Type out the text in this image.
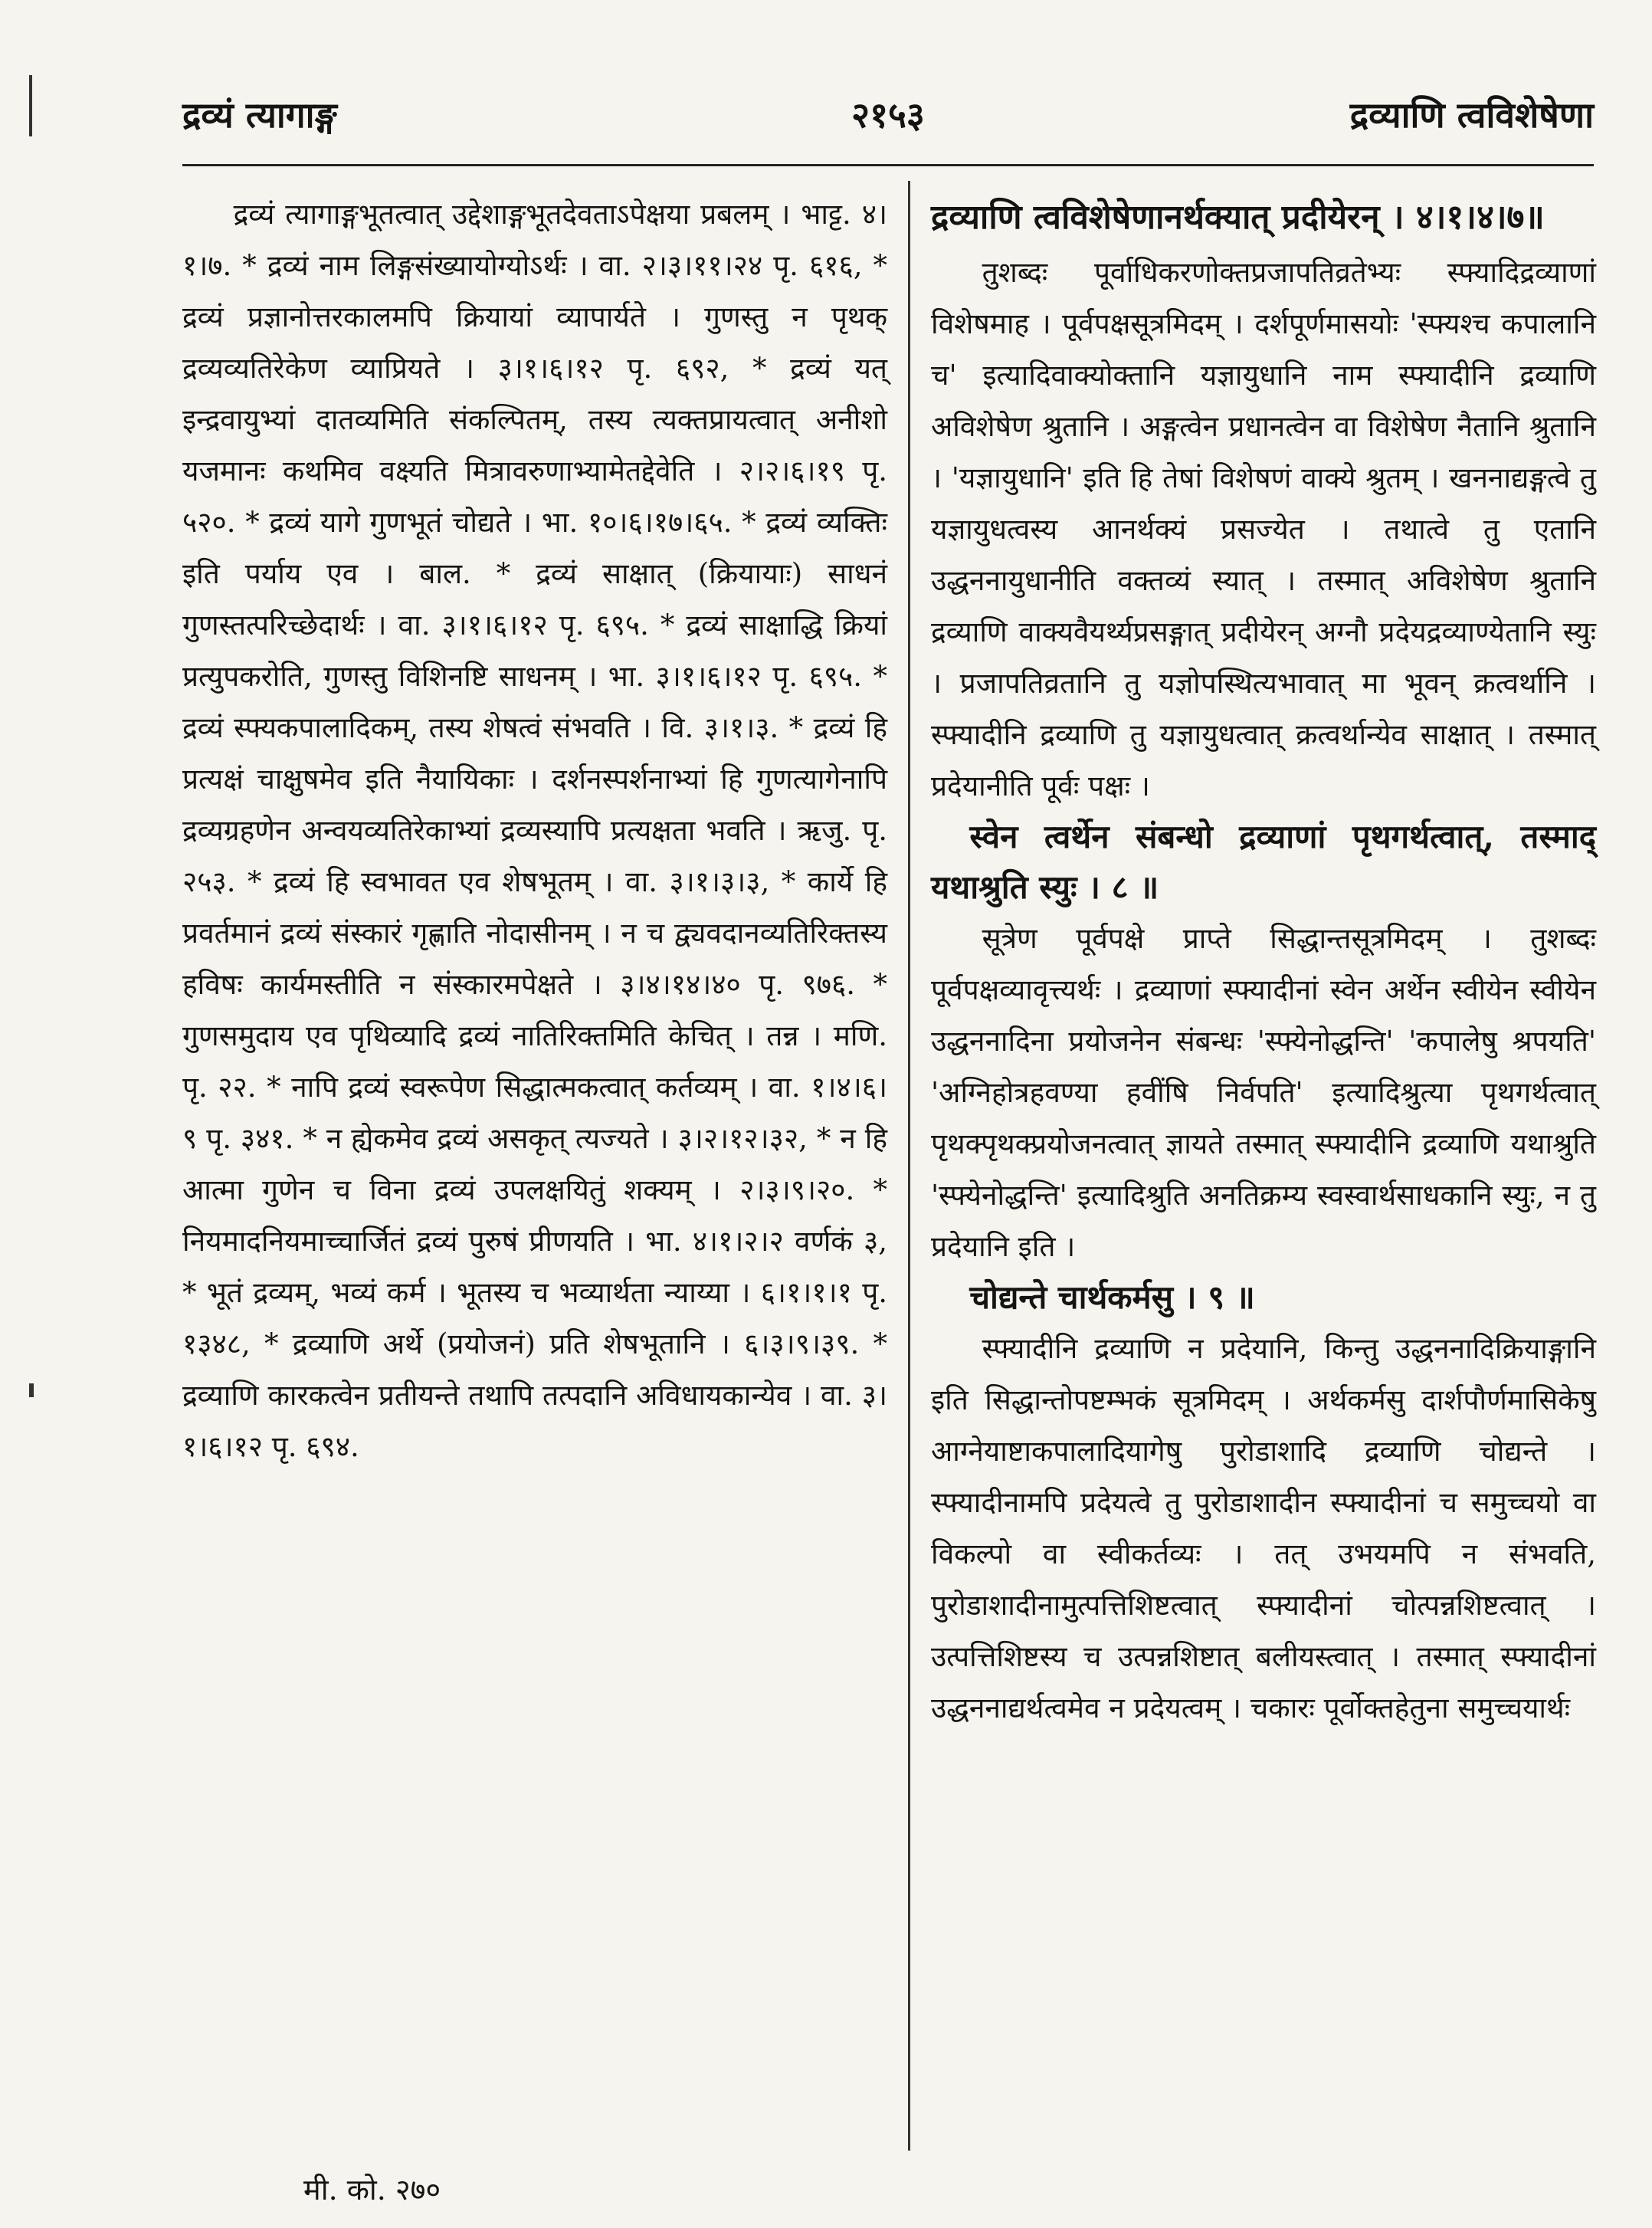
द्रव्यं त्यागाङ्ग	२१५३	द्रव्याणि त्वविशेषेणा

द्रव्यं त्यागाङ्गभूतत्वात् उद्देशाङ्गभूतदेवताऽपेक्षया प्रबलम् । भाट्ट. ४।१।७. * द्रव्यं नाम लिङ्गसंख्यायोग्योऽर्थः । वा. २।३।११।२४ पृ. ६१६, * द्रव्यं प्रज्ञानोत्तरकालमपि क्रियायां व्यापार्यते । गुणस्तु न पृथक् द्रव्यव्यतिरेकेण व्याप्रियते । ३।१।६।१२ पृ. ६९२, * द्रव्यं यत् इन्द्रवायुभ्यां दातव्यमिति संकल्पितम्, तस्य त्यक्तप्रायत्वात् अनीशो यजमानः कथमिव वक्ष्यति मित्रावरुणाभ्यामेतद्देवेति । २।२।६।१९ पृ. ५२०. * द्रव्यं यागे गुणभूतं चोद्यते । भा. १०।६।१७।६५. * द्रव्यं व्यक्तिः इति पर्याय एव । बाल. * द्रव्यं साक्षात् (क्रियायाः) साधनं गुणस्तत्परिच्छेदार्थः । वा. ३।१।६।१२ पृ. ६९५. * द्रव्यं साक्षाद्धि क्रियां प्रत्युपकरोति, गुणस्तु विशिनष्टि साधनम् । भा. ३।१।६।१२ पृ. ६९५. * द्रव्यं स्फ्यकपालादिकम्, तस्य शेषत्वं संभवति । वि. ३।१।३. * द्रव्यं हि प्रत्यक्षं चाक्षुषमेव इति नैयायिकाः । दर्शनस्पर्शनाभ्यां हि गुणत्यागेनापि द्रव्यग्रहणेन अन्वयव्यतिरेकाभ्यां द्रव्यस्यापि प्रत्यक्षता भवति । ऋजु. पृ. २५३. * द्रव्यं हि स्वभावत एव शेषभूतम् । वा. ३।१।३।३, * कार्ये हि प्रवर्तमानं द्रव्यं संस्कारं गृह्णाति नोदासीनम् । न च द्व्यवदानव्यतिरिक्तस्य हविषः कार्यमस्तीति न संस्कारमपेक्षते । ३।४।१४।४० पृ. ९७६. * गुणसमुदाय एव पृथिव्यादि द्रव्यं नातिरिक्तमिति केचित् । तन्न । मणि. पृ. २२. * नापि द्रव्यं स्वरूपेण सिद्धात्मकत्वात् कर्तव्यम् । वा. १।४।६।९ पृ. ३४१. * न ह्येकमेव द्रव्यं असकृत् त्यज्यते । ३।२।१२।३२, * न हि आत्मा गुणेन च विना द्रव्यं उपलक्षयितुं शक्यम् । २।३।९।२०. * नियमादनियमाच्चार्जितं द्रव्यं पुरुषं प्रीणयति । भा. ४।१।२।२ वर्णकं ३, * भूतं द्रव्यम्, भव्यं कर्म । भूतस्य च भव्यार्थता न्याय्या । ६।१।१।१ पृ. १३४८, * द्रव्याणि अर्थे (प्रयोजनं) प्रति शेषभूतानि । ६।३।९।३९. * द्रव्याणि कारकत्वेन प्रतीयन्ते तथापि तत्पदानि अविधायकान्येव । वा. ३।१।६।१२ पृ. ६९४.

द्रव्याणि त्वविशेषेणानर्थक्यात् प्रदीयेरन् । ४।१।४।७॥

तुशब्दः पूर्वाधिकरणोक्तप्रजापतिव्रतेभ्यः स्फ्यादिद्रव्याणां विशेषमाह । पूर्वपक्षसूत्रमिदम् । दर्शपूर्णमासयोः 'स्फ्यश्च कपालानि च' इत्यादिवाक्योक्तानि यज्ञायुधानि नाम स्फ्यादीनि द्रव्याणि अविशेषेण श्रुतानि । अङ्गत्वेन प्रधानत्वेन वा विशेषेण नैतानि श्रुतानि । 'यज्ञायुधानि' इति हि तेषां विशेषणं वाक्ये श्रुतम् । खननाद्यङ्गत्वे तु यज्ञायुधत्वस्य आनर्थक्यं प्रसज्येत । तथात्वे तु एतानि उद्धननायुधानीति वक्तव्यं स्यात् । तस्मात् अविशेषेण श्रुतानि द्रव्याणि वाक्यवैयर्थ्यप्रसङ्गात् प्रदीयेरन् अग्नौ प्रदेयद्रव्याण्येतानि स्युः । प्रजापतिव्रतानि तु यज्ञोपस्थित्यभावात् मा भूवन् क्रत्वर्थानि । स्फ्यादीनि द्रव्याणि तु यज्ञायुधत्वात् क्रत्वर्थान्येव साक्षात् । तस्मात् प्रदेयानीति पूर्वः पक्षः ।

स्वेन त्वर्थेन संबन्धो द्रव्याणां पृथगर्थत्वात्, तस्माद् यथाश्रुति स्युः । ८ ॥

सूत्रेण पूर्वपक्षे प्राप्ते सिद्धान्तसूत्रमिदम् । तुशब्दः पूर्वपक्षव्यावृत्त्यर्थः । द्रव्याणां स्फ्यादीनां स्वेन अर्थेन स्वीयेन स्वीयेन उद्धननादिना प्रयोजनेन संबन्धः 'स्फ्येनोद्धन्ति' 'कपालेषु श्रपयति' 'अग्निहोत्रहवण्या हवींषि निर्वपति' इत्यादिश्रुत्या पृथगर्थत्वात् पृथक्पृथक्प्रयोजनत्वात् ज्ञायते तस्मात् स्फ्यादीनि द्रव्याणि यथाश्रुति 'स्फ्येनोद्धन्ति' इत्यादिश्रुति अनतिक्रम्य स्वस्वार्थसाधकानि स्युः, न तु प्रदेयानि इति ।

चोद्यन्ते चार्थकर्मसु । ९ ॥

स्फ्यादीनि द्रव्याणि न प्रदेयानि, किन्तु उद्धननादिक्रियाङ्गानि इति सिद्धान्तोपष्टम्भकं सूत्रमिदम् । अर्थकर्मसु दार्शपौर्णमासिकेषु आग्नेयाष्टाकपालादियागेषु पुरोडाशादि द्रव्याणि चोद्यन्ते । स्फ्यादीनामपि प्रदेयत्वे तु पुरोडाशादीन स्फ्यादीनां च समुच्चयो वा विकल्पो वा स्वीकर्तव्यः । तत् उभयमपि न संभवति, पुरोडाशादीनामुत्पत्तिशिष्टत्वात् स्फ्यादीनां चोत्पन्नशिष्टत्वात् । उत्पत्तिशिष्टस्य च उत्पन्नशिष्टात् बलीयस्त्वात् । तस्मात् स्फ्यादीनां उद्धननाद्यर्थत्वमेव न प्रदेयत्वम् । चकारः पूर्वोक्तहेतुना समुच्चयार्थः

मी. को. २७०
